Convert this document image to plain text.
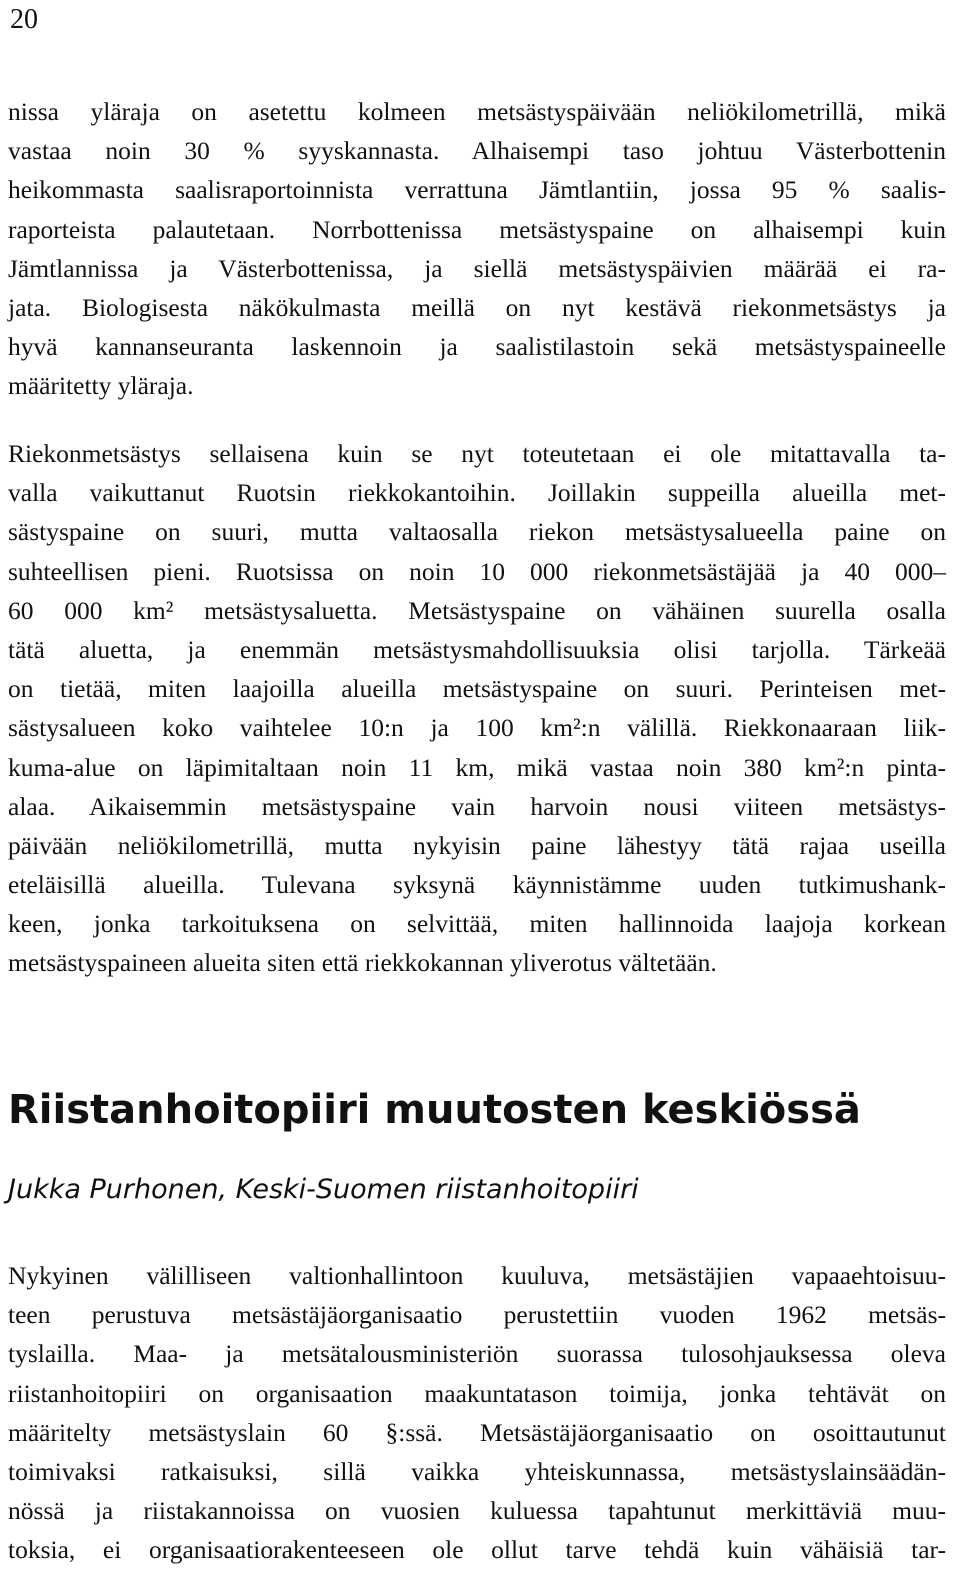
20
nissa yläraja on asetettu kolmeen metsästyspäivään neliökilometrillä, mikä
vastaa noin 30 % syyskannasta. Alhaisempi taso johtuu Västerbottenin
heikommasta saalisraportoinnista verrattuna Jämtlantiin, jossa 95 % saalis-
raporteista palautetaan. Norrbottenissa metsästyspaine on alhaisempi kuin
Jämtlannissa ja Västerbottenissa, ja siellä metsästyspäivien määrää ei ra-
jata. Biologisesta näkökulmasta meillä on nyt kestävä riekonmetsästys ja
hyvä kannanseuranta laskennoin ja saalistilastoin sekä metsästyspaineelle
määritetty yläraja.
Riekonmetsästys sellaisena kuin se nyt toteutetaan ei ole mitattavalla ta-
valla vaikuttanut Ruotsin riekkokantoihin. Joillakin suppeilla alueilla met-
sästyspaine on suuri, mutta valtaosalla riekon metsästysalueella paine on
suhteellisen pieni. Ruotsissa on noin 10 000 riekonmetsästäjää ja 40 000–
60 000 km² metsästysaluetta. Metsästyspaine on vähäinen suurella osalla
tätä aluetta, ja enemmän metsästysmahdollisuuksia olisi tarjolla. Tärkeää
on tietää, miten laajoilla alueilla metsästyspaine on suuri. Perinteisen met-
sästysalueen koko vaihtelee 10:n ja 100 km²:n välillä. Riekkonaaraan liik-
kuma-alue on läpimitaltaan noin 11 km, mikä vastaa noin 380 km²:n pinta-
alaa. Aikaisemmin metsästyspaine vain harvoin nousi viiteen metsästys-
päivään neliökilometrillä, mutta nykyisin paine lähestyy tätä rajaa useilla
eteläisillä alueilla. Tulevana syksynä käynnistämme uuden tutkimushank-
keen, jonka tarkoituksena on selvittää, miten hallinnoida laajoja korkean
metsästyspaineen alueita siten että riekkokannan yliverotus vältetään.
Riistanhoitopiiri muutosten keskiössä
Jukka Purhonen, Keski-Suomen riistanhoitopiiri
Nykyinen välilliseen valtionhallintoon kuuluva, metsästäjien vapaaehtoisuu-
teen perustuva metsästäjäorganisaatio perustettiin vuoden 1962 metsäs-
tyslailla. Maa- ja metsätalousministeriön suorassa tulosohjauksessa oleva
riistanhoitopiiri on organisaation maakuntatason toimija, jonka tehtävät on
määritelty metsästyslain 60 §:ssä. Metsästäjäorganisaatio on osoittautunut
toimivaksi ratkaisuksi, sillä vaikka yhteiskunnassa, metsästyslainsäädän-
nössä ja riistakannoissa on vuosien kuluessa tapahtunut merkittäviä muu-
toksia, ei organisaatiorakenteeseen ole ollut tarve tehdä kuin vähäisiä tar-
